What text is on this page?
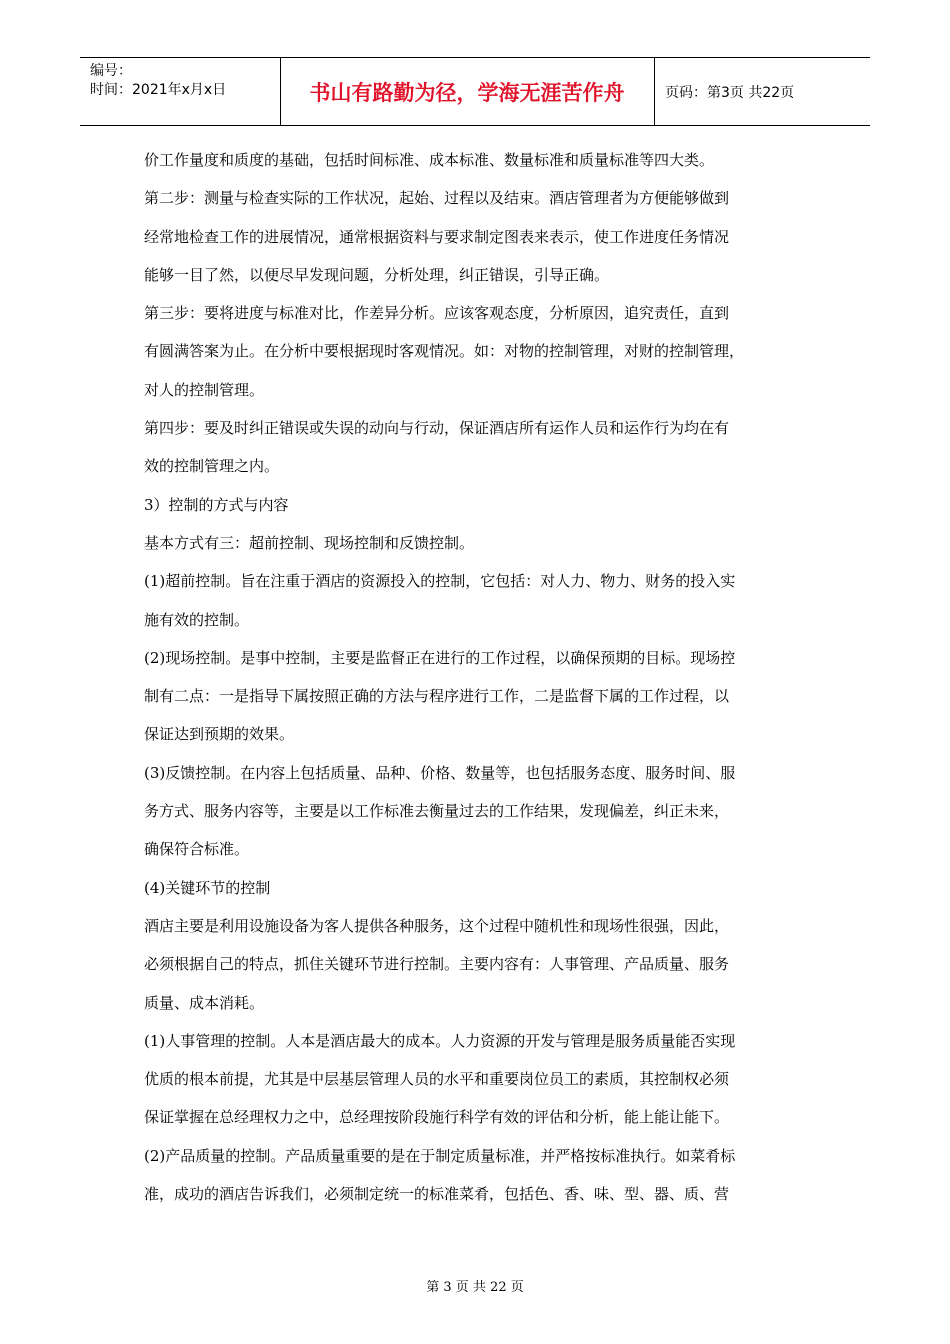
编号：
时间：2021年x月x日	书山有路勤为径，学海无涯苦作舟	页码：第3页 共22页

价工作量度和质度的基础，包括时间标准、成本标准、数量标准和质量标准等四大类。

第二步：测量与检查实际的工作状况，起始、过程以及结束。酒店管理者为方便能够做到

经常地检查工作的进展情况，通常根据资料与要求制定图表来表示，使工作进度任务情况

能够一目了然，以便尽早发现问题，分析处理，纠正错误，引导正确。

第三步：要将进度与标准对比，作差异分析。应该客观态度，分析原因，追究责任，直到

有圆满答案为止。在分析中要根据现时客观情况。如：对物的控制管理，对财的控制管理，

对人的控制管理。

第四步：要及时纠正错误或失误的动向与行动，保证酒店所有运作人员和运作行为均在有

效的控制管理之内。

3）控制的方式与内容

基本方式有三：超前控制、现场控制和反馈控制。

(1)超前控制。旨在注重于酒店的资源投入的控制，它包括：对人力、物力、财务的投入实

施有效的控制。

(2)现场控制。是事中控制，主要是监督正在进行的工作过程，以确保预期的目标。现场控

制有二点：一是指导下属按照正确的方法与程序进行工作，二是监督下属的工作过程，以

保证达到预期的效果。

(3)反馈控制。在内容上包括质量、品种、价格、数量等，也包括服务态度、服务时间、服

务方式、服务内容等，主要是以工作标准去衡量过去的工作结果，发现偏差，纠正未来，

确保符合标准。

(4)关键环节的控制

酒店主要是利用设施设备为客人提供各种服务，这个过程中随机性和现场性很强，因此，

必须根据自己的特点，抓住关键环节进行控制。主要内容有：人事管理、产品质量、服务

质量、成本消耗。

(1)人事管理的控制。人本是酒店最大的成本。人力资源的开发与管理是服务质量能否实现

优质的根本前提，尤其是中层基层管理人员的水平和重要岗位员工的素质，其控制权必须

保证掌握在总经理权力之中，总经理按阶段施行科学有效的评估和分析，能上能让能下。

(2)产品质量的控制。产品质量重要的是在于制定质量标准，并严格按标准执行。如菜肴标

准，成功的酒店告诉我们，必须制定统一的标准菜肴，包括色、香、味、型、器、质、营

第 3 页 共 22 页
